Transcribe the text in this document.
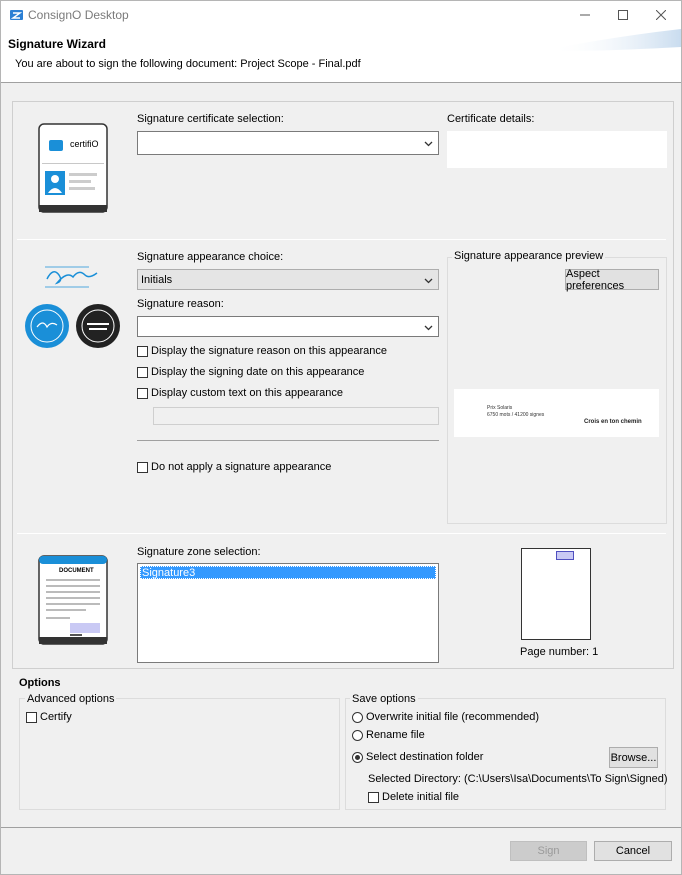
ConsignO Desktop
Signature Wizard
You are about to sign the following document: Project Scope - Final.pdf
certifiO
Signature certificate selection:	Certificate details:
Signature appearance choice:
Initials
Signature reason:
Display the signature reason on this appearance
Display the signing date on this appearance
Display custom text on this appearance
Do not apply a signature appearance
Signature appearance preview
Aspect preferences
Prix Solaris
6750 mots / 41200 signes
Crois en ton chemin
DOCUMENT
Signature zone selection:
Signature3
Page number: 1
Options
Advanced options
Certify
Save options
Overwrite initial file (recommended)
Rename file
Select destination folder	Browse...
Selected Directory: (C:\Users\Isa\Documents\To Sign\Signed)
Delete initial file
Sign	Cancel
